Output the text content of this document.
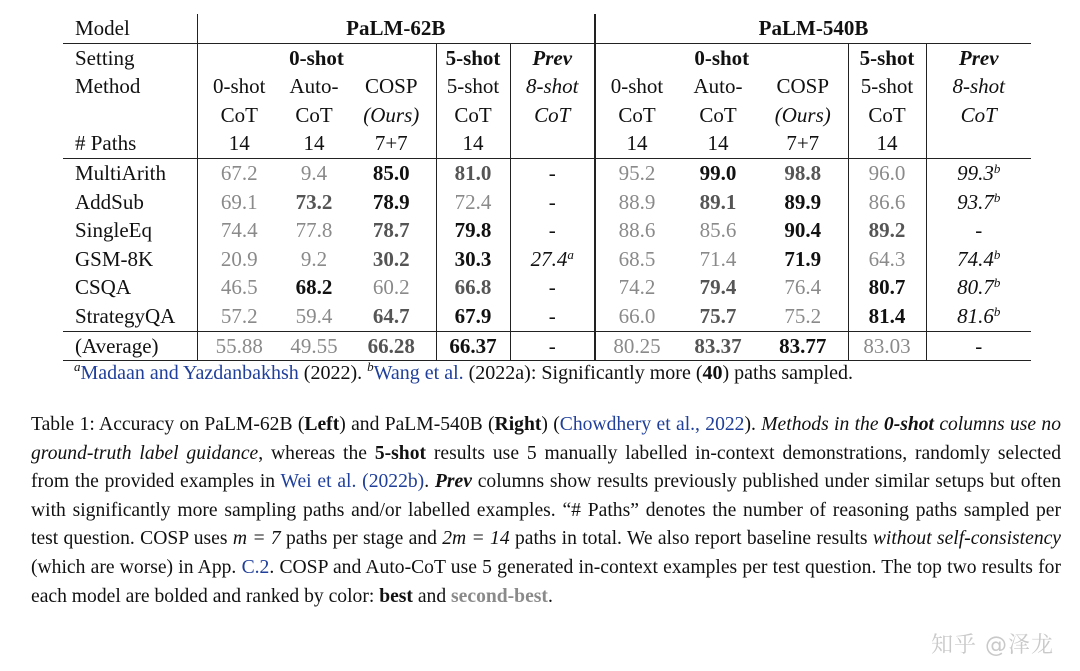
Model	PaLM-62B					PaLM-540B				
Setting	0-shot			5-shot	Prev	0-shot			5-shot	Prev
Method	0-shot	Auto-	COSP	5-shot	8-shot	0-shot	Auto-	COSP	5-shot	8-shot
	CoT	CoT	(Ours)	CoT	CoT	CoT	CoT	(Ours)	CoT	CoT
# Paths	14	14	7+7	14		14	14	7+7	14	
MultiArith	67.2	9.4	85.0	81.0	-	95.2	99.0	98.8	96.0	99.3$^b$
AddSub	69.1	73.2	78.9	72.4	-	88.9	89.1	89.9	86.6	93.7$^b$
SingleEq	74.4	77.8	78.7	79.8	-	88.6	85.6	90.4	89.2	-
GSM-8K	20.9	9.2	30.2	30.3	27.4$^a$	68.5	71.4	71.9	64.3	74.4$^b$
CSQA	46.5	68.2	60.2	66.8	-	74.2	79.4	76.4	80.7	80.7$^b$
StrategyQA	57.2	59.4	64.7	67.9	-	66.0	75.7	75.2	81.4	81.6$^b$
(Average)	55.88	49.55	66.28	66.37	-	80.25	83.37	83.77	83.03	-
$^a$Madaan and Yazdanbakhsh (2022). $^b$Wang et al. (2022a): Significantly more (40) paths sampled.

Table 1: Accuracy on PaLM-62B (Left) and PaLM-540B (Right) (Chowdhery et al., 2022). Methods in the 0-shot columns use no ground-truth label guidance, whereas the 5-shot results use 5 manually labelled in-context demonstrations, randomly selected from the provided examples in Wei et al. (2022b). Prev columns show results previously published under similar setups but often with significantly more sampling paths and/or labelled examples. “# Paths” denotes the number of reasoning paths sampled per test question. COSP uses m = 7 paths per stage and 2m = 14 paths in total. We also report baseline results without self-consistency (which are worse) in App. C.2. COSP and Auto-CoT use 5 generated in-context examples per test question. The top two results for each model are bolded and ranked by color: best and second-best.

知乎 @泽龙
